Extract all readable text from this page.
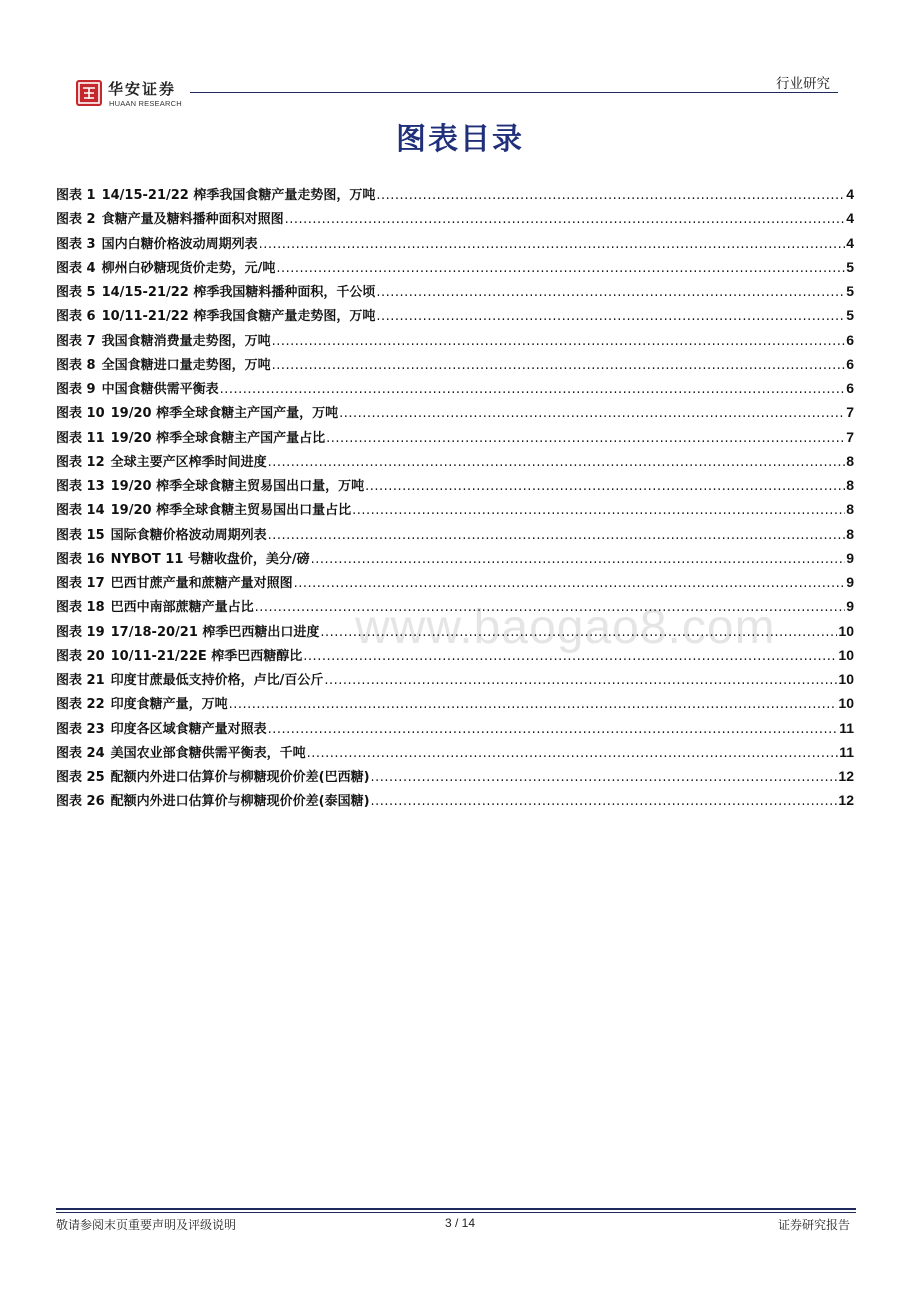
华安证券
HUAAN RESEARCH
行业研究
图表目录
www.baogao8.com
图表 1 14/15-21/22 榨季我国食糖产量走势图，万吨 .....	4
图表 2 食糖产量及糖料播种面积对照图 .....	4
图表 3 国内白糖价格波动周期列表 .....	4
图表 4 柳州白砂糖现货价走势，元/吨 .....	5
图表 5 14/15-21/22 榨季我国糖料播种面积，千公顷 .....	5
图表 6 10/11-21/22 榨季我国食糖产量走势图，万吨 .....	5
图表 7 我国食糖消费量走势图，万吨 .....	6
图表 8 全国食糖进口量走势图，万吨 .....	6
图表 9 中国食糖供需平衡表 .....	6
图表 10 19/20 榨季全球食糖主产国产量，万吨 .....	7
图表 11 19/20 榨季全球食糖主产国产量占比 .....	7
图表 12 全球主要产区榨季时间进度 .....	8
图表 13 19/20 榨季全球食糖主贸易国出口量，万吨 .....	8
图表 14 19/20 榨季全球食糖主贸易国出口量占比 .....	8
图表 15 国际食糖价格波动周期列表 .....	8
图表 16 NYBOT 11 号糖收盘价，美分/磅 .....	9
图表 17 巴西甘蔗产量和蔗糖产量对照图 .....	9
图表 18 巴西中南部蔗糖产量占比 .....	9
图表 19 17/18-20/21 榨季巴西糖出口进度 .....	10
图表 20 10/11-21/22E 榨季巴西糖醇比 .....	10
图表 21 印度甘蔗最低支持价格，卢比/百公斤 .....	10
图表 22 印度食糖产量，万吨 .....	10
图表 23 印度各区域食糖产量对照表 .....	11
图表 24 美国农业部食糖供需平衡表，千吨 .....	11
图表 25 配额内外进口估算价与柳糖现价价差(巴西糖) .....	12
图表 26 配额内外进口估算价与柳糖现价价差(泰国糖) .....	12
敬请参阅末页重要声明及评级说明	3 / 14	证券研究报告
